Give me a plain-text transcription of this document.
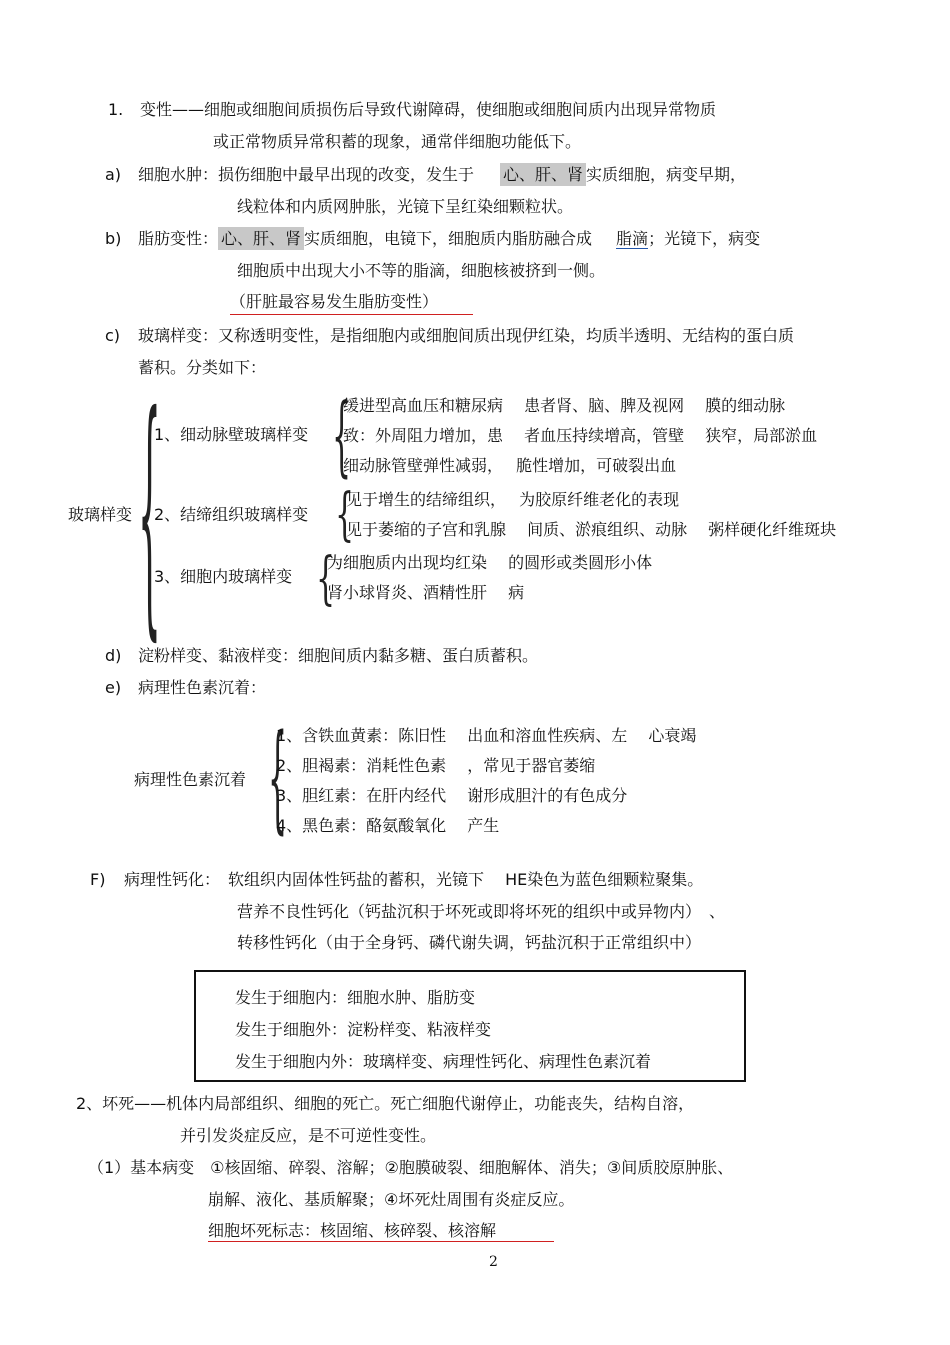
1. 变性——细胞或细胞间质损伤后导致代谢障碍，使细胞或细胞间质内出现异常物质
或正常物质异常积蓄的现象，通常伴细胞功能低下。
a) 细胞水肿：损伤细胞中最早出现的改变，发生于 心、肝、肾 实质细胞，病变早期，
线粒体和内质网肿胀，光镜下呈红染细颗粒状。
b) 脂肪变性： 心、肝、肾 实质细胞，电镜下，细胞质内脂肪融合成 脂滴；光镜下，病变
细胞质中出现大小不等的脂滴，细胞核被挤到一侧。
（肝脏最容易发生脂肪变性）
c) 玻璃样变：又称透明变性，是指细胞内或细胞间质出现伊红染，均质半透明、无结构的蛋白质
蓄积。分类如下：
玻璃样变 {
1、细动脉壁玻璃样变 {
缓进型高血压和糖尿病　 患者肾、脑、脾及视网　 膜的细动脉
致：外周阻力增加，患　 者血压持续增高，管壁　 狭窄，局部淤血
细动脉管壁弹性减弱，　 脆性增加，可破裂出血
2、结缔组织玻璃样变 {
见于增生的结缔组织，　 为胶原纤维老化的表现
见于萎缩的子宫和乳腺　 间质、淤痕组织、动脉　 粥样硬化纤维斑块
3、细胞内玻璃样变 {
为细胞质内出现均红染　 的圆形或类圆形小体
肾小球肾炎、酒精性肝　 病
d) 淀粉样变、黏液样变：细胞间质内黏多糖、蛋白质蓄积。
e) 病理性色素沉着：
病理性色素沉着 {
1、含铁血黄素：陈旧性　 出血和溶血性疾病、左　 心衰竭
2、胆褐素：消耗性色素　 ，常见于器官萎缩
3、胆红素：在肝内经代　 谢形成胆汁的有色成分
4、黑色素：酪氨酸氧化　 产生
F) 病理性钙化：　软组织内固体性钙盐的蓄积，光镜下　 HE染色为蓝色细颗粒聚集。
营养不良性钙化（钙盐沉积于坏死或即将坏死的组织中或异物内）　、
转移性钙化（由于全身钙、磷代谢失调，钙盐沉积于正常组织中）
发生于细胞内：细胞水肿、脂肪变
发生于细胞外：淀粉样变、粘液样变
发生于细胞内外：玻璃样变、病理性钙化、病理性色素沉着
2、坏死——机体内局部组织、细胞的死亡。死亡细胞代谢停止，功能丧失，结构自溶，
并引发炎症反应，是不可逆性变性。
（1）基本病变　①核固缩、碎裂、溶解；②胞膜破裂、细胞解体、消失；③间质胶原肿胀、
崩解、液化、基质解聚；④坏死灶周围有炎症反应。
细胞坏死标志：核固缩、核碎裂、核溶解
2
